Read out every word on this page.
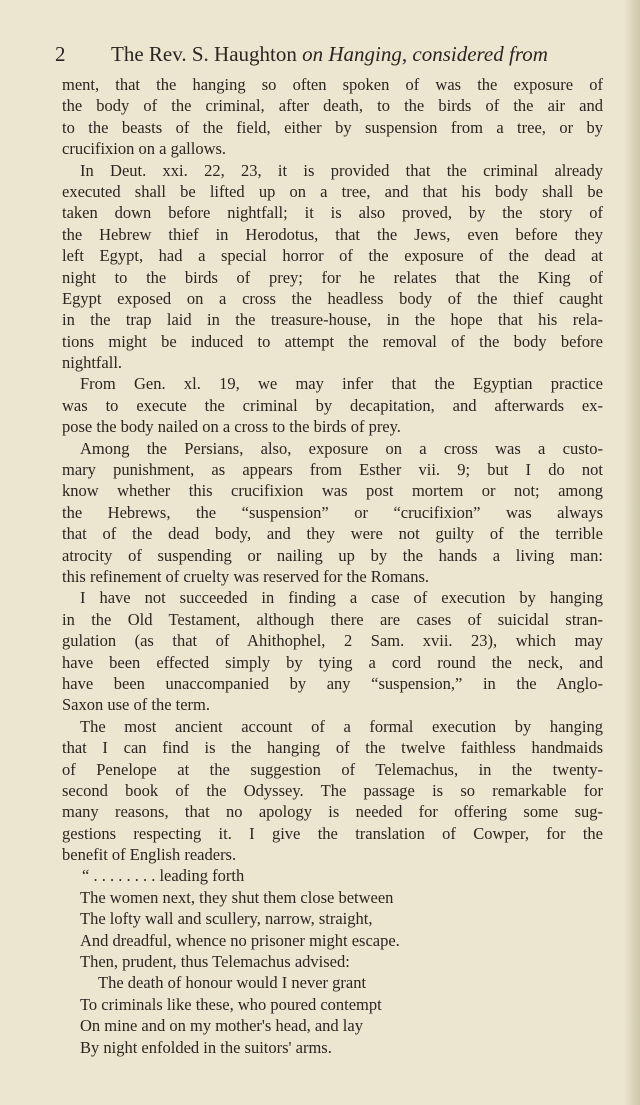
2 The Rev. S. Haughton on Hanging, considered from
ment, that the hanging so often spoken of was the exposure of
the body of the criminal, after death, to the birds of the air and
to the beasts of the field, either by suspension from a tree, or by
crucifixion on a gallows.
In Deut. xxi. 22, 23, it is provided that the criminal already
executed shall be lifted up on a tree, and that his body shall be
taken down before nightfall; it is also proved, by the story of
the Hebrew thief in Herodotus, that the Jews, even before they
left Egypt, had a special horror of the exposure of the dead at
night to the birds of prey; for he relates that the King of
Egypt exposed on a cross the headless body of the thief caught
in the trap laid in the treasure-house, in the hope that his rela-
tions might be induced to attempt the removal of the body before
nightfall.
From Gen. xl. 19, we may infer that the Egyptian practice
was to execute the criminal by decapitation, and afterwards ex-
pose the body nailed on a cross to the birds of prey.
Among the Persians, also, exposure on a cross was a custo-
mary punishment, as appears from Esther vii. 9; but I do not
know whether this crucifixion was post mortem or not; among
the Hebrews, the “suspension” or “crucifixion” was always
that of the dead body, and they were not guilty of the terrible
atrocity of suspending or nailing up by the hands a living man:
this refinement of cruelty was reserved for the Romans.
I have not succeeded in finding a case of execution by hanging
in the Old Testament, although there are cases of suicidal stran-
gulation (as that of Ahithophel, 2 Sam. xvii. 23), which may
have been effected simply by tying a cord round the neck, and
have been unaccompanied by any “suspension,” in the Anglo-
Saxon use of the term.
The most ancient account of a formal execution by hanging
that I can find is the hanging of the twelve faithless handmaids
of Penelope at the suggestion of Telemachus, in the twenty-
second book of the Odyssey. The passage is so remarkable for
many reasons, that no apology is needed for offering some sug-
gestions respecting it. I give the translation of Cowper, for the
benefit of English readers.
“ . . . . . . . . leading forth
The women next, they shut them close between
The lofty wall and scullery, narrow, straight,
And dreadful, whence no prisoner might escape.
Then, prudent, thus Telemachus advised:
The death of honour would I never grant
To criminals like these, who poured contempt
On mine and on my mother's head, and lay
By night enfolded in the suitors' arms.
